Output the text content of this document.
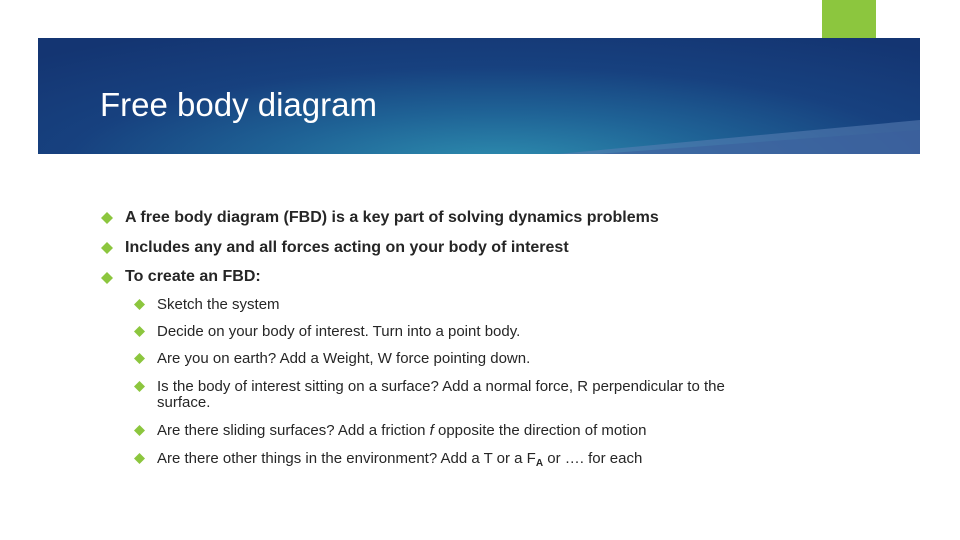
Free body diagram
A free body diagram (FBD) is a key part of solving dynamics problems
Includes any and all forces acting on your body of interest
To create an FBD:
Sketch the system
Decide on your body of interest. Turn into a point body.
Are you on earth? Add a Weight, W force pointing down.
Is the body of interest sitting on a surface? Add a normal force, R perpendicular to the surface.
Are there sliding surfaces? Add a friction f opposite the direction of motion
Are there other things in the environment? Add a T or a $F_A$ or …. for each
